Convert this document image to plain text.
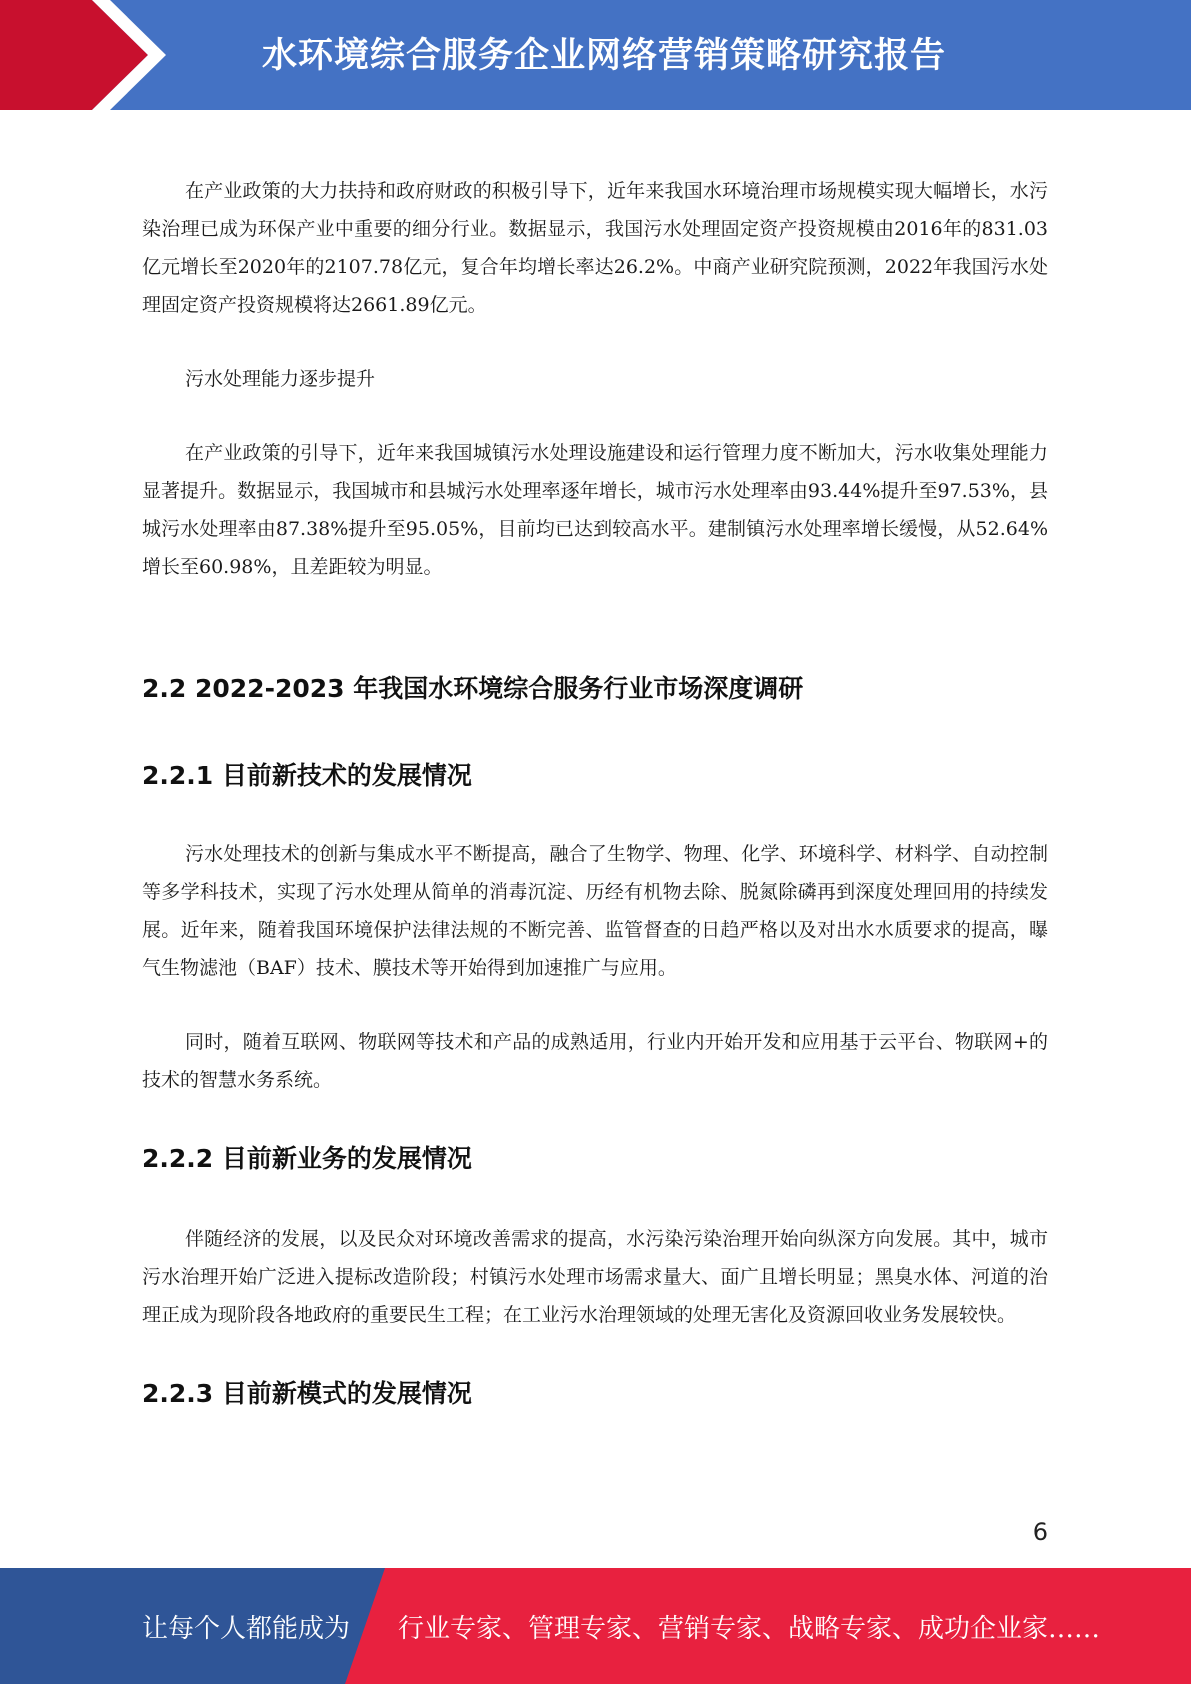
水环境综合服务企业网络营销策略研究报告

在产业政策的大力扶持和政府财政的积极引导下，近年来我国水环境治理市场规模实现大幅增长，水污染治理已成为环保产业中重要的细分行业。数据显示，我国污水处理固定资产投资规模由2016年的831.03亿元增长至2020年的2107.78亿元，复合年均增长率达26.2%。中商产业研究院预测，2022年我国污水处理固定资产投资规模将达2661.89亿元。

污水处理能力逐步提升

在产业政策的引导下，近年来我国城镇污水处理设施建设和运行管理力度不断加大，污水收集处理能力显著提升。数据显示，我国城市和县城污水处理率逐年增长，城市污水处理率由93.44%提升至97.53%，县城污水处理率由87.38%提升至95.05%，目前均已达到较高水平。建制镇污水处理率增长缓慢，从52.64%增长至60.98%，且差距较为明显。

2.2 2022-2023 年我国水环境综合服务行业市场深度调研
2.2.1 目前新技术的发展情况

污水处理技术的创新与集成水平不断提高，融合了生物学、物理、化学、环境科学、材料学、自动控制等多学科技术，实现了污水处理从简单的消毒沉淀、历经有机物去除、脱氮除磷再到深度处理回用的持续发展。近年来，随着我国环境保护法律法规的不断完善、监管督查的日趋严格以及对出水水质要求的提高，曝气生物滤池（BAF）技术、膜技术等开始得到加速推广与应用。

同时，随着互联网、物联网等技术和产品的成熟适用，行业内开始开发和应用基于云平台、物联网+的技术的智慧水务系统。

2.2.2 目前新业务的发展情况

伴随经济的发展，以及民众对环境改善需求的提高，水污染污染治理开始向纵深方向发展。其中，城市污水治理开始广泛进入提标改造阶段；村镇污水处理市场需求量大、面广且增长明显；黑臭水体、河道的治理正成为现阶段各地政府的重要民生工程；在工业污水治理领域的处理无害化及资源回收业务发展较快。

2.2.3 目前新模式的发展情况
6
让每个人都能成为 行业专家、管理专家、营销专家、战略专家、成功企业家……
